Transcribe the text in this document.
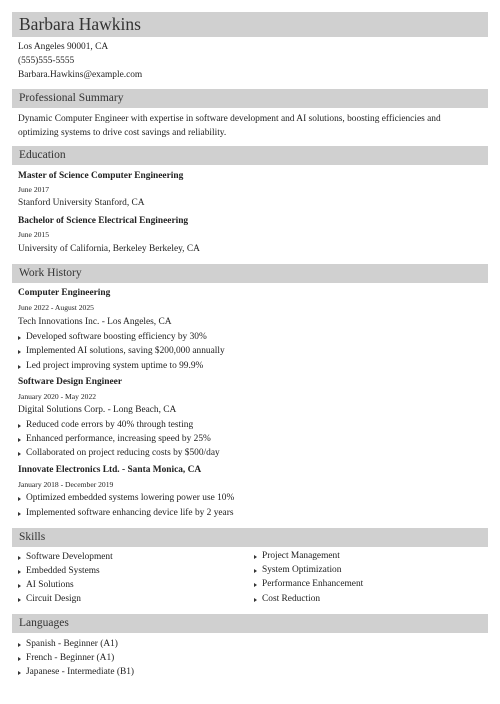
Barbara Hawkins
Los Angeles 90001, CA
(555)555-5555
Barbara.Hawkins@example.com
Professional Summary
Dynamic Computer Engineer with expertise in software development and AI solutions, boosting efficiencies and optimizing systems to drive cost savings and reliability.
Education
Master of Science Computer Engineering
June 2017
Stanford University Stanford, CA
Bachelor of Science Electrical Engineering
June 2015
University of California, Berkeley Berkeley, CA
Work History
Computer Engineering
June 2022 - August 2025
Tech Innovations Inc. - Los Angeles, CA
Developed software boosting efficiency by 30%
Implemented AI solutions, saving $200,000 annually
Led project improving system uptime to 99.9%
Software Design Engineer
January 2020 - May 2022
Digital Solutions Corp. - Long Beach, CA
Reduced code errors by 40% through testing
Enhanced performance, increasing speed by 25%
Collaborated on project reducing costs by $500/day
Innovate Electronics Ltd. - Santa Monica, CA
January 2018 - December 2019
Optimized embedded systems lowering power use 10%
Implemented software enhancing device life by 2 years
Skills
Software Development
Embedded Systems
AI Solutions
Circuit Design
Project Management
System Optimization
Performance Enhancement
Cost Reduction
Languages
Spanish - Beginner (A1)
French - Beginner (A1)
Japanese - Intermediate (B1)
